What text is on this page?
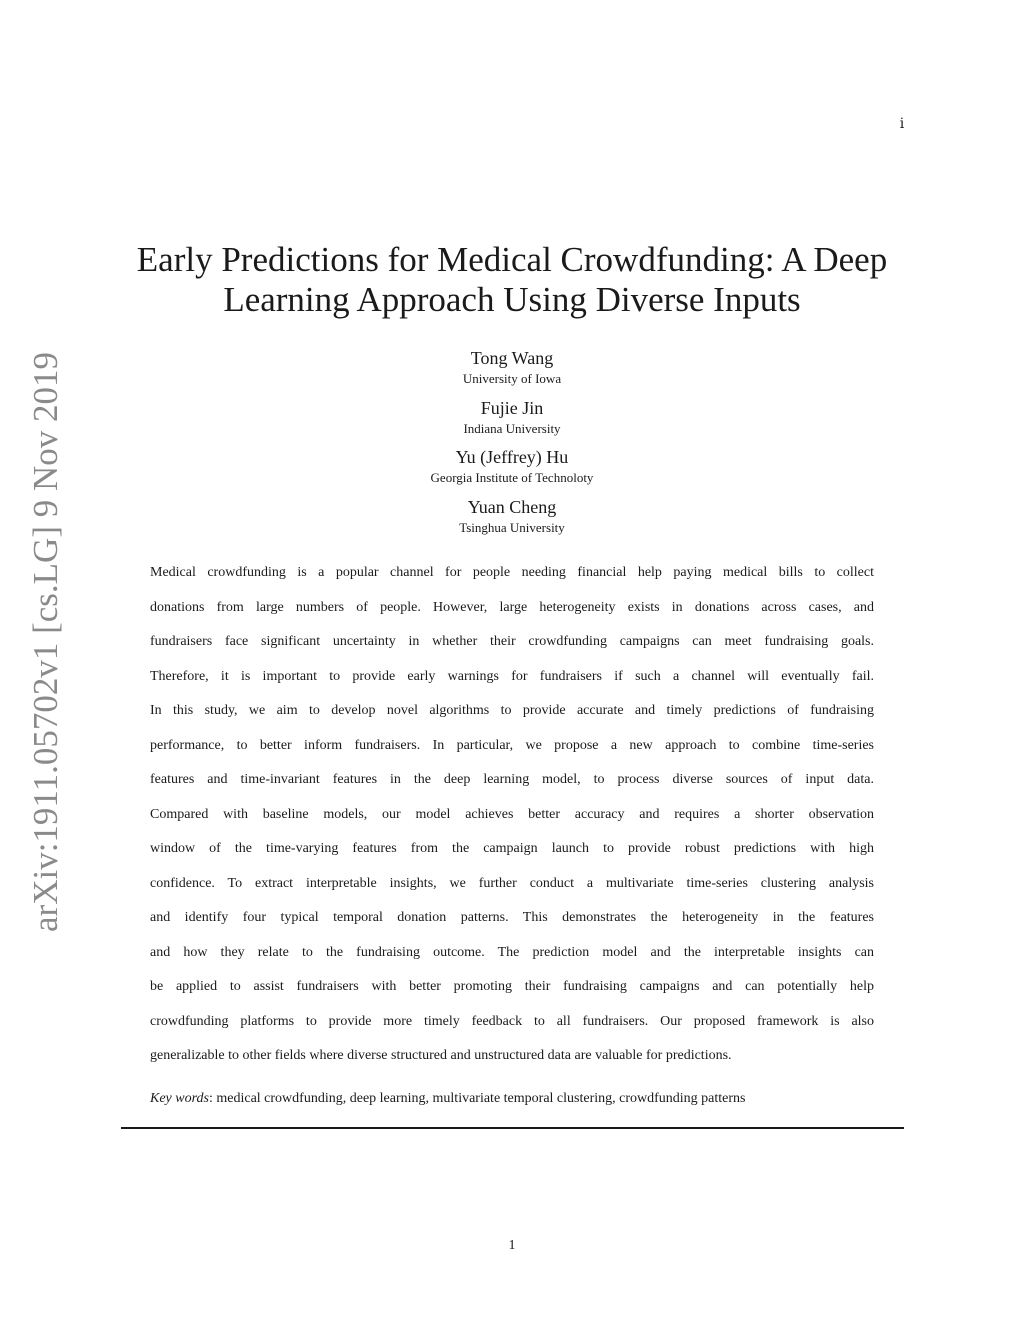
i
arXiv:1911.05702v1 [cs.LG] 9 Nov 2019
Early Predictions for Medical Crowdfunding: A Deep Learning Approach Using Diverse Inputs
Tong Wang
University of Iowa
Fujie Jin
Indiana University
Yu (Jeffrey) Hu
Georgia Institute of Technoloty
Yuan Cheng
Tsinghua University
Medical crowdfunding is a popular channel for people needing financial help paying medical bills to collect
donations from large numbers of people. However, large heterogeneity exists in donations across cases, and
fundraisers face significant uncertainty in whether their crowdfunding campaigns can meet fundraising goals.
Therefore, it is important to provide early warnings for fundraisers if such a channel will eventually fail.
In this study, we aim to develop novel algorithms to provide accurate and timely predictions of fundraising
performance, to better inform fundraisers. In particular, we propose a new approach to combine time-series
features and time-invariant features in the deep learning model, to process diverse sources of input data.
Compared with baseline models, our model achieves better accuracy and requires a shorter observation
window of the time-varying features from the campaign launch to provide robust predictions with high
confidence. To extract interpretable insights, we further conduct a multivariate time-series clustering analysis
and identify four typical temporal donation patterns. This demonstrates the heterogeneity in the features
and how they relate to the fundraising outcome. The prediction model and the interpretable insights can
be applied to assist fundraisers with better promoting their fundraising campaigns and can potentially help
crowdfunding platforms to provide more timely feedback to all fundraisers. Our proposed framework is also
generalizable to other fields where diverse structured and unstructured data are valuable for predictions.
Key words: medical crowdfunding, deep learning, multivariate temporal clustering, crowdfunding patterns
1
